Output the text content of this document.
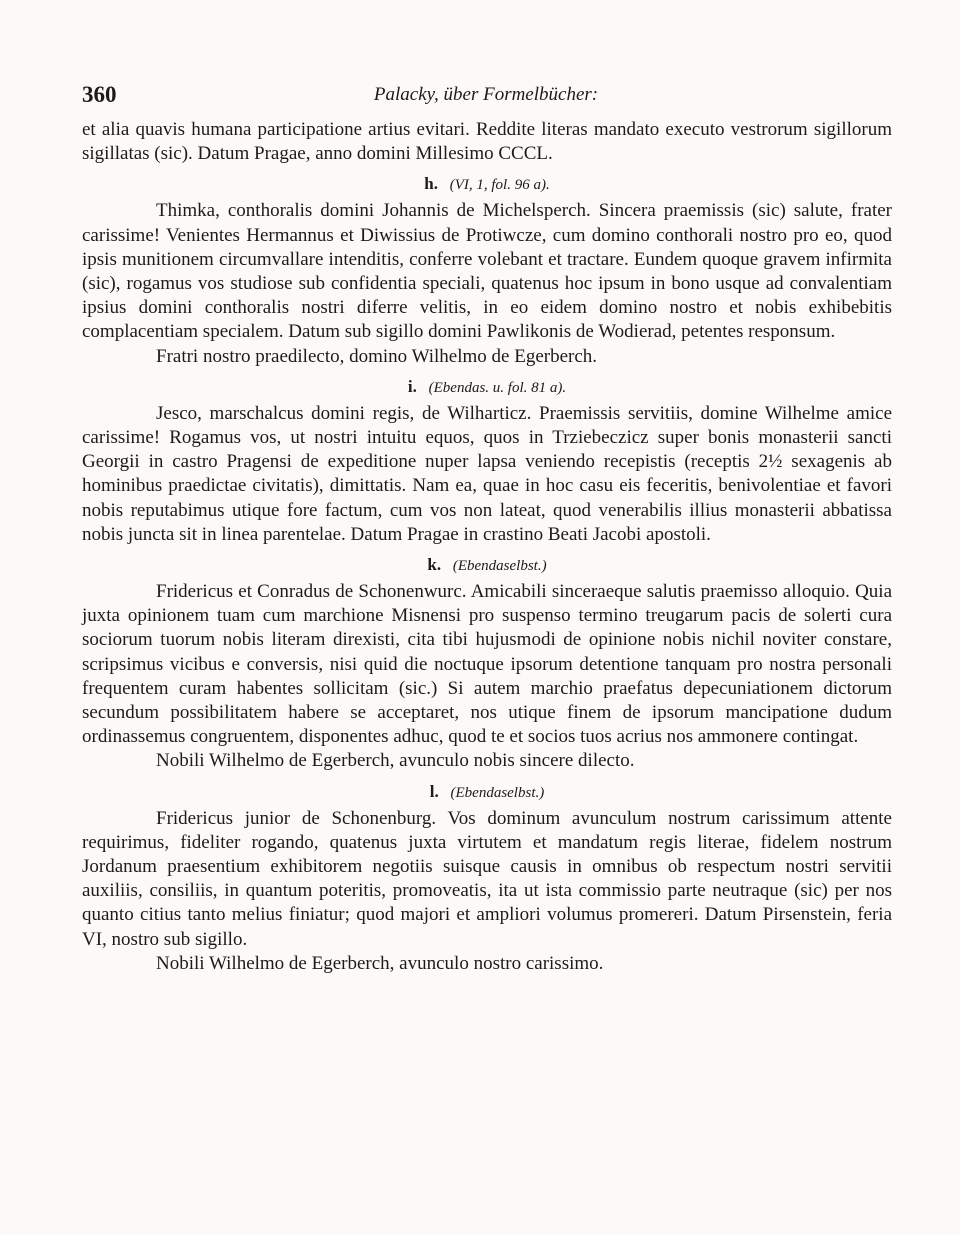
360	Palacky, über Formelbücher:

et alia quavis humana participatione artius evitari. Reddite literas mandato executo vestrorum sigillorum sigillatas (sic). Datum Pragae, anno domini Millesimo CCCL.

h. (VI, 1, fol. 96 a).

Thimka, conthoralis domini Johannis de Michelsperch. Sincera praemissis (sic) salute, frater carissime! Venientes Hermannus et Diwissius de Protiwcze, cum domino conthorali nostro pro eo, quod ipsis munitionem circumvallare intenditis, conferre volebant et tractare. Eundem quoque gravem infirmita (sic), rogamus vos studiose sub confidentia speciali, quatenus hoc ipsum in bono usque ad convalentiam ipsius domini conthoralis nostri diferre velitis, in eo eidem domino nostro et nobis exhibebitis complacentiam specialem. Datum sub sigillo domini Pawlikonis de Wodierad, petentes responsum.

Fratri nostro praedilecto, domino Wilhelmo de Egerberch.

i. (Ebendas. u. fol. 81 a).

Jesco, marschalcus domini regis, de Wilharticz. Praemissis servitiis, domine Wilhelme amice carissime! Rogamus vos, ut nostri intuitu equos, quos in Trziebeczicz super bonis monasterii sancti Georgii in castro Pragensi de expeditione nuper lapsa veniendo recepistis (receptis 2½ sexagenis ab hominibus praedictae civitatis), dimittatis. Nam ea, quae in hoc casu eis feceritis, benivolentiae et favori nobis reputabimus utique fore factum, cum vos non lateat, quod venerabilis illius monasterii abbatissa nobis juncta sit in linea parentelae. Datum Pragae in crastino Beati Jacobi apostoli.

k. (Ebendaselbst.)

Fridericus et Conradus de Schonenwurc. Amicabili sinceraeque salutis praemisso alloquio. Quia juxta opinionem tuam cum marchione Misnensi pro suspenso termino treugarum pacis de solerti cura sociorum tuorum nobis literam direxisti, cita tibi hujusmodi de opinione nobis nichil noviter constare, scripsimus vicibus e conversis, nisi quid die noctuque ipsorum detentione tanquam pro nostra personali frequentem curam habentes sollicitam (sic.) Si autem marchio praefatus depecuniationem dictorum secundum possibilitatem habere se acceptaret, nos utique finem de ipsorum mancipatione dudum ordinassemus congruentem, disponentes adhuc, quod te et socios tuos acrius nos ammonere contingat.

Nobili Wilhelmo de Egerberch, avunculo nobis sincere dilecto.

l. (Ebendaselbst.)

Fridericus junior de Schonenburg. Vos dominum avunculum nostrum carissimum attente requirimus, fideliter rogando, quatenus juxta virtutem et mandatum regis literae, fidelem nostrum Jordanum praesentium exhibitorem negotiis suisque causis in omnibus ob respectum nostri servitii auxiliis, consiliis, in quantum poteritis, promoveatis, ita ut ista commissio parte neutraque (sic) per nos quanto citius tanto melius finiatur; quod majori et ampliori volumus promereri. Datum Pirsenstein, feria VI, nostro sub sigillo.

Nobili Wilhelmo de Egerberch, avunculo nostro carissimo.
